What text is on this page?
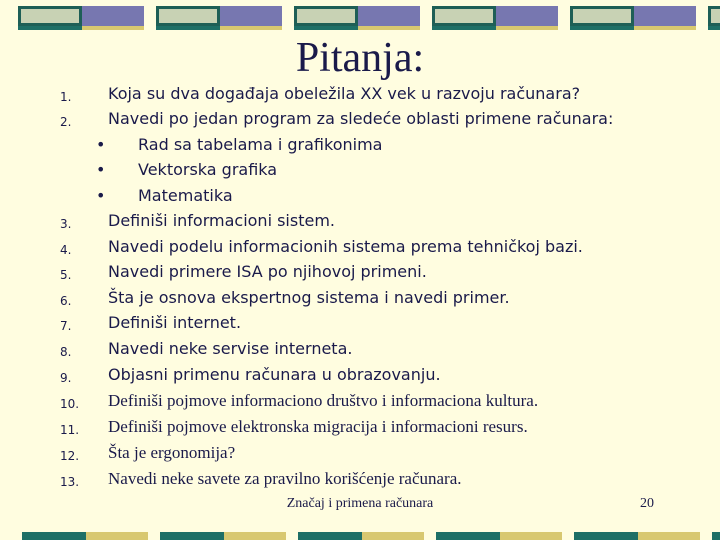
Pitanja:
1.	Koja su dva događaja obeležila XX vek u razvoju računara?
2.	Navedi po jedan program za sledeće oblasti primene računara:
• Rad sa tabelama i grafikonima
• Vektorska grafika
• Matematika
3.	Definiši informacioni sistem.
4.	Navedi podelu informacionih sistema prema tehničkoj bazi.
5.	Navedi primere ISA po njihovoj primeni.
6.	Šta je osnova ekspertnog sistema i navedi primer.
7.	Definiši internet.
8.	Navedi neke servise interneta.
9.	Objasni primenu računara u obrazovanju.
10.	Definiši pojmove informaciono društvo i informaciona kultura.
11.	Definiši pojmove elektronska migracija i informacioni resurs.
12.	Šta je ergonomija?
13.	Navedi neke savete za pravilno korišćenje računara.
Značaj i primena računara	20
